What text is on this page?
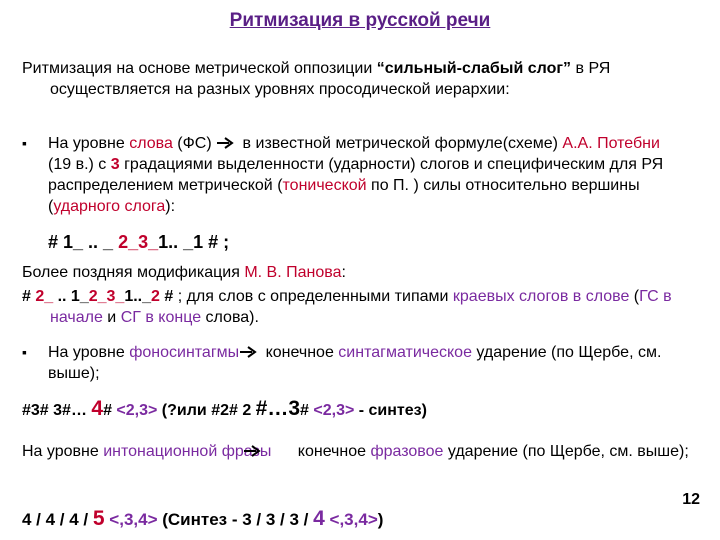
Ритмизация в русской речи
Ритмизация на основе метрической оппозиции “сильный-слабый слог” в РЯ осуществляется на разных уровнях просодической иерархии:
▪	На уровне слова (ФС)  в известной метрической формуле(схеме) А.А. Потебни (19 в.) с 3 градациями выделенности (ударности) слогов и специфическим для РЯ распределением метрической (тонической по П. ) силы относительно вершины (ударного слога):
# 1_ .. _ 2_3_1.. _1 # ;
Более поздняя модификация М. В. Панова:
# 2_ .. 1_2_3_1.._2 # ; для слов с определенными типами краевых слогов в слове (ГС в начале и СГ в конце слова).
▪	На уровне фоносинтагмы конечное синтагматическое ударение (по Щербе, см. выше);
#3# 3#… 4# <2,3> (?или #2# 2 #…3# <2,3> - синтез)
На уровне интонационной фразы конечное фразовое ударение (по Щербе, см. выше);
4 / 4 / 4 / 5 <,3,4> (Синтез - 3 / 3 / 3 / 4 <,3,4>)
12
